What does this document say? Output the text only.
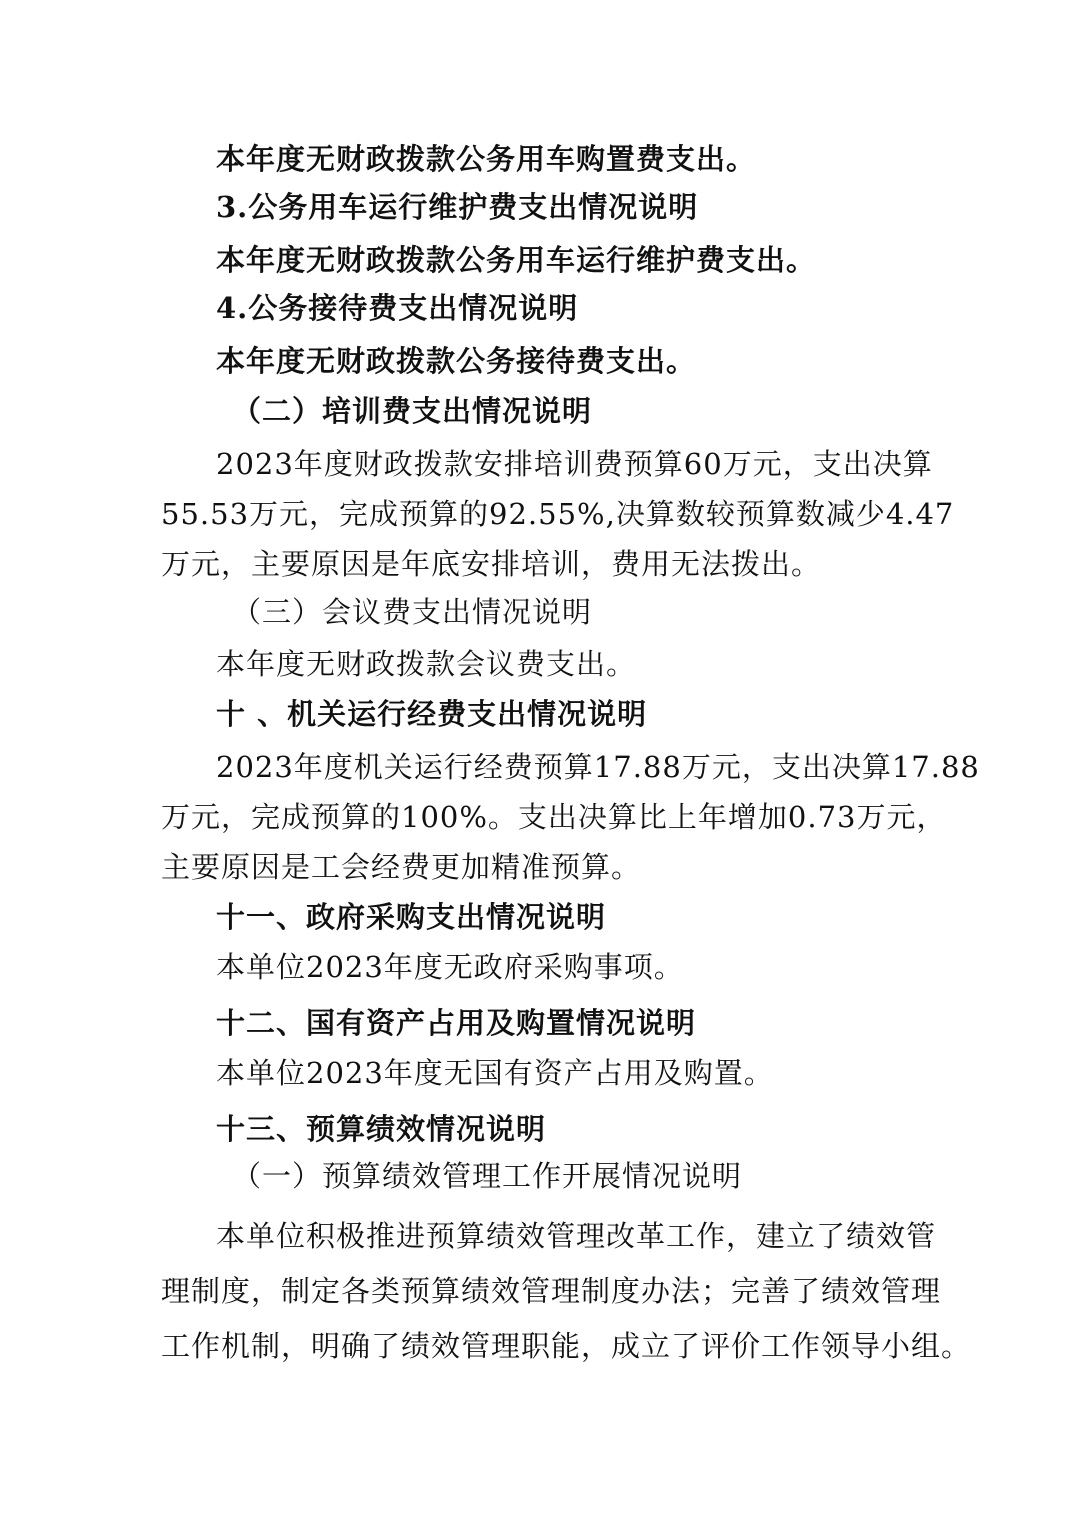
本年度无财政拨款公务用车购置费支出。
3.公务用车运行维护费支出情况说明
本年度无财政拨款公务用车运行维护费支出。
4.公务接待费支出情况说明
本年度无财政拨款公务接待费支出。
（二）培训费支出情况说明
2023年度财政拨款安排培训费预算60万元，支出决算
55.53万元，完成预算的92.55%,决算数较预算数减少4.47
万元，主要原因是年底安排培训，费用无法拨出。
（三）会议费支出情况说明
本年度无财政拨款会议费支出。
十 、机关运行经费支出情况说明
2023年度机关运行经费预算17.88万元，支出决算17.88
万元，完成预算的100%。支出决算比上年增加0.73万元，
主要原因是工会经费更加精准预算。
十一、政府采购支出情况说明
本单位2023年度无政府采购事项。
十二、国有资产占用及购置情况说明
本单位2023年度无国有资产占用及购置。
十三、预算绩效情况说明
（一）预算绩效管理工作开展情况说明
本单位积极推进预算绩效管理改革工作，建立了绩效管
理制度，制定各类预算绩效管理制度办法；完善了绩效管理
工作机制，明确了绩效管理职能，成立了评价工作领导小组。
